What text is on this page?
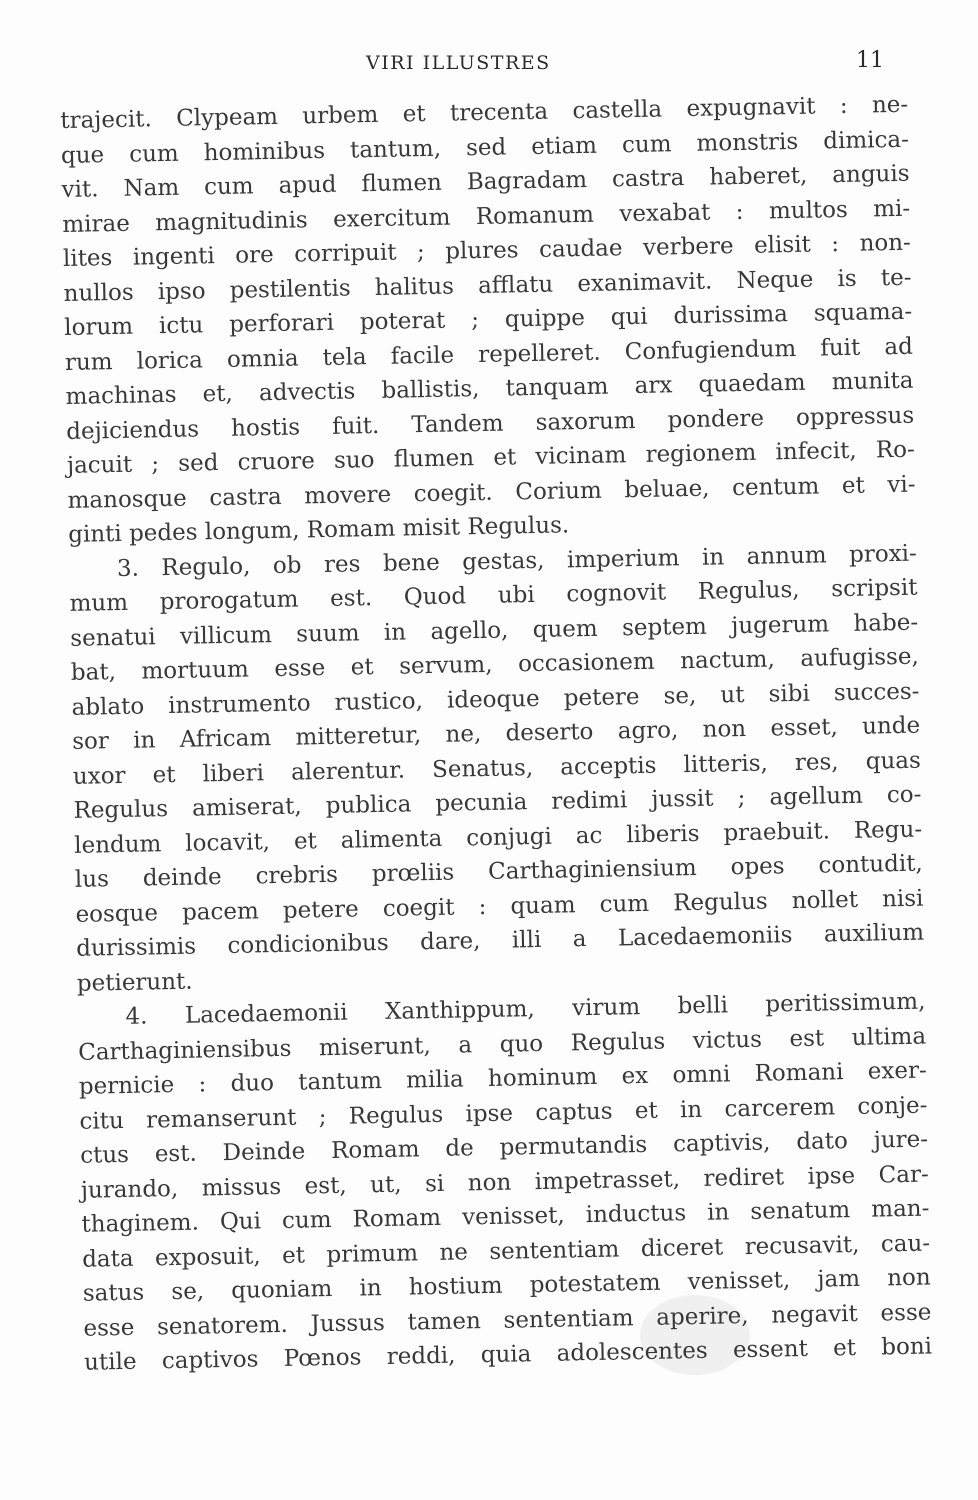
VIRI ILLUSTRES	11
trajecit. Clypeam urbem et trecenta castella expugnavit : ne-
que cum hominibus tantum, sed etiam cum monstris dimica-
vit. Nam cum apud flumen Bagradam castra haberet, anguis
mirae magnitudinis exercitum Romanum vexabat : multos mi-
lites ingenti ore corripuit ; plures caudae verbere elisit : non-
nullos ipso pestilentis halitus afflatu exanimavit. Neque is te-
lorum ictu perforari poterat ; quippe qui durissima squama-
rum lorica omnia tela facile repelleret. Confugiendum fuit ad
machinas et, advectis ballistis, tanquam arx quaedam munita
dejiciendus hostis fuit. Tandem saxorum pondere oppressus
jacuit ; sed cruore suo flumen et vicinam regionem infecit, Ro-
manosque castra movere coegit. Corium beluae, centum et vi-
ginti pedes longum, Romam misit Regulus.
3. Regulo, ob res bene gestas, imperium in annum proxi-
mum prorogatum est. Quod ubi cognovit Regulus, scripsit
senatui villicum suum in agello, quem septem jugerum habe-
bat, mortuum esse et servum, occasionem nactum, aufugisse,
ablato instrumento rustico, ideoque petere se, ut sibi succes-
sor in Africam mitteretur, ne, deserto agro, non esset, unde
uxor et liberi alerentur. Senatus, acceptis litteris, res, quas
Regulus amiserat, publica pecunia redimi jussit ; agellum co-
lendum locavit, et alimenta conjugi ac liberis praebuit. Regu-
lus deinde crebris prœliis Carthaginiensium opes contudit,
eosque pacem petere coegit : quam cum Regulus nollet nisi
durissimis condicionibus dare, illi a Lacedaemoniis auxilium
petierunt.
4. Lacedaemonii Xanthippum, virum belli peritissimum,
Carthaginiensibus miserunt, a quo Regulus victus est ultima
pernicie : duo tantum milia hominum ex omni Romani exer-
citu remanserunt ; Regulus ipse captus et in carcerem conje-
ctus est. Deinde Romam de permutandis captivis, dato jure-
jurando, missus est, ut, si non impetrasset, rediret ipse Car-
thaginem. Qui cum Romam venisset, inductus in senatum man-
data exposuit, et primum ne sententiam diceret recusavit, cau-
satus se, quoniam in hostium potestatem venisset, jam non
esse senatorem. Jussus tamen sententiam aperire, negavit esse
utile captivos Pœnos reddi, quia adolescentes essent et boni
